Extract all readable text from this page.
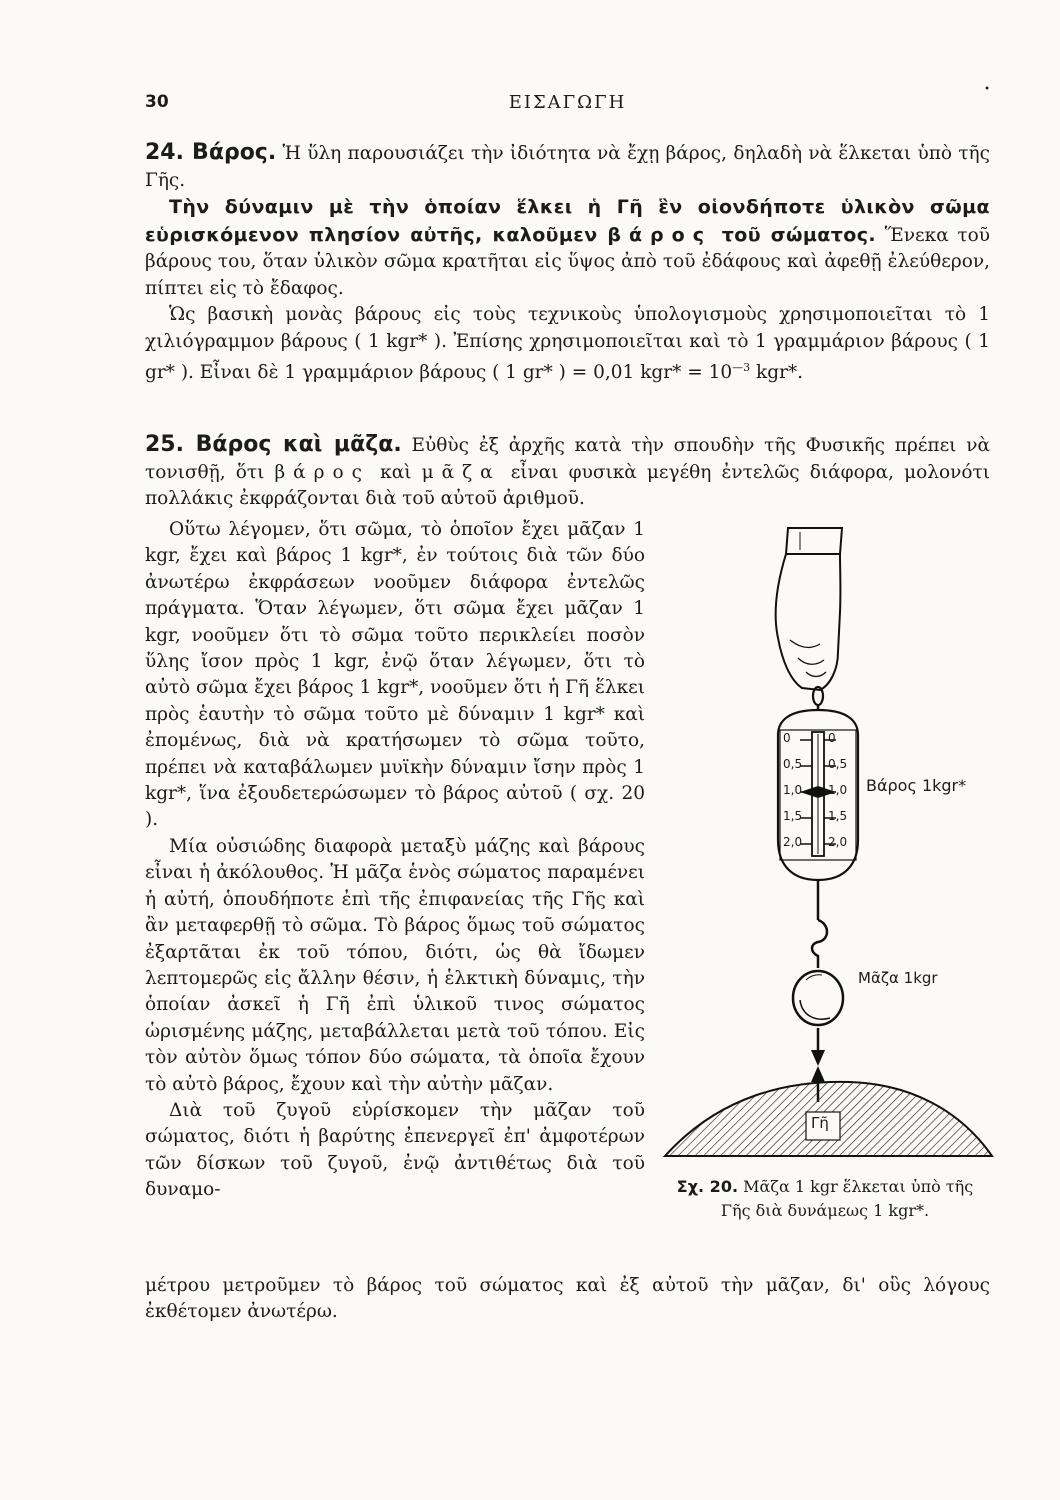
30	ΕΙΣΑΓΩΓΗ
•

24. Βάρος. Ἡ ὕλη παρουσιάζει τὴν ἰδιότητα νὰ ἔχῃ βάρος, δηλαδὴ νὰ ἕλκεται ὑπὸ τῆς Γῆς.

Τὴν δύναμιν μὲ τὴν ὁποίαν ἕλκει ἡ Γῆ ἓν οἱονδήποτε ὑλικὸν σῶμα εὑρισκόμενον πλησίον αὐτῆς, καλοῦμεν βάρος τοῦ σώματος. Ἕνεκα τοῦ βάρους του, ὅταν ὑλικὸν σῶμα κρατῆται εἰς ὕψος ἀπὸ τοῦ ἐδάφους καὶ ἀφεθῇ ἐλεύθερον, πίπτει εἰς τὸ ἔδαφος.

Ὡς βασικὴ μονὰς βάρους εἰς τοὺς τεχνικοὺς ὑπολογισμοὺς χρησιμοποιεῖται τὸ 1 χιλιόγραμμον βάρους ( 1 kgr* ). Ἐπίσης χρησιμοποιεῖται καὶ τὸ 1 γραμμάριον βάρους ( 1 gr* ). Εἶναι δὲ 1 γραμμάριον βάρους ( 1 gr* ) = 0,01 $kgr* = 10^{—3}$ kgr*.

25. Βάρος καὶ μᾶζα. Εὐθὺς ἐξ ἀρχῆς κατὰ τὴν σπουδὴν τῆς Φυσικῆς πρέπει νὰ τονισθῇ, ὅτι βάρος καὶ μᾶζα εἶναι φυσικὰ μεγέθη ἐντελῶς διάφορα, μολονότι πολλάκις ἐκφράζονται διὰ τοῦ αὐτοῦ ἀριθμοῦ.

Οὕτω λέγομεν, ὅτι σῶμα, τὸ ὁποῖον ἔχει μᾶζαν 1 kgr, ἔχει καὶ βάρος 1 kgr*, ἐν τούτοις διὰ τῶν δύο ἀνωτέρω ἐκφράσεων νοοῦμεν διάφορα ἐντελῶς πράγματα. Ὅταν λέγωμεν, ὅτι σῶμα ἔχει μᾶζαν 1 kgr, νοοῦμεν ὅτι τὸ σῶμα τοῦτο περικλείει ποσὸν ὕλης ἴσον πρὸς 1 kgr, ἐνῷ ὅταν λέγωμεν, ὅτι τὸ αὐτὸ σῶμα ἔχει βάρος 1 kgr*, νοοῦμεν ὅτι ἡ Γῆ ἕλκει πρὸς ἑαυτὴν τὸ σῶμα τοῦτο μὲ δύναμιν 1 kgr* καὶ ἐπομένως, διὰ νὰ κρατήσωμεν τὸ σῶμα τοῦτο, πρέπει νὰ καταβάλωμεν μυϊκὴν δύναμιν ἴσην πρὸς 1 kgr*, ἵνα ἐξουδετερώσωμεν τὸ βάρος αὐτοῦ ( σχ. 20 ).

Μία οὐσιώδης διαφορὰ μεταξὺ μάζης καὶ βάρους εἶναι ἡ ἀκόλουθος. Ἡ μᾶζα ἑνὸς σώματος παραμένει ἡ αὐτή, ὁπουδήποτε ἐπὶ τῆς ἐπιφανείας τῆς Γῆς καὶ ἂν μεταφερθῇ τὸ σῶμα. Τὸ βάρος ὅμως τοῦ σώματος ἐξαρτᾶται ἐκ τοῦ τόπου, διότι, ὡς θὰ ἴδωμεν λεπτομερῶς εἰς ἄλλην θέσιν, ἡ ἑλκτικὴ δύναμις, τὴν ὁποίαν ἀσκεῖ ἡ Γῆ ἐπὶ ὑλικοῦ τινος σώματος ὡρισμένης μάζης, μεταβάλλεται μετὰ τοῦ τόπου. Εἰς τὸν αὐτὸν ὅμως τόπον δύο σώματα, τὰ ὁποῖα ἔχουν τὸ αὐτὸ βάρος, ἔχουν καὶ τὴν αὐτὴν μᾶζαν.

Διὰ τοῦ ζυγοῦ εὑρίσκομεν τὴν μᾶζαν τοῦ σώματος, διότι ἡ βαρύτης ἐπενεργεῖ ἐπ' ἀμφοτέρων τῶν δίσκων τοῦ ζυγοῦ, ἐνῷ ἀντιθέτως διὰ τοῦ δυναμο-

μέτρου μετροῦμεν τὸ βάρος τοῦ σώματος καὶ ἐξ αὐτοῦ τὴν μᾶζαν, δι' οὓς λόγους ἐκθέτομεν ἀνωτέρω.

0	0
0,5 0,5
1,0 1,0
1,5 1,5
2,0 2,0
Βάρος 1kgr*
Μᾶζα 1kgr
Γῆ
Σχ. 20. Μᾶζα 1 kgr ἕλκεται ὑπὸ τῆς Γῆς διὰ δυνάμεως 1 kgr*.
